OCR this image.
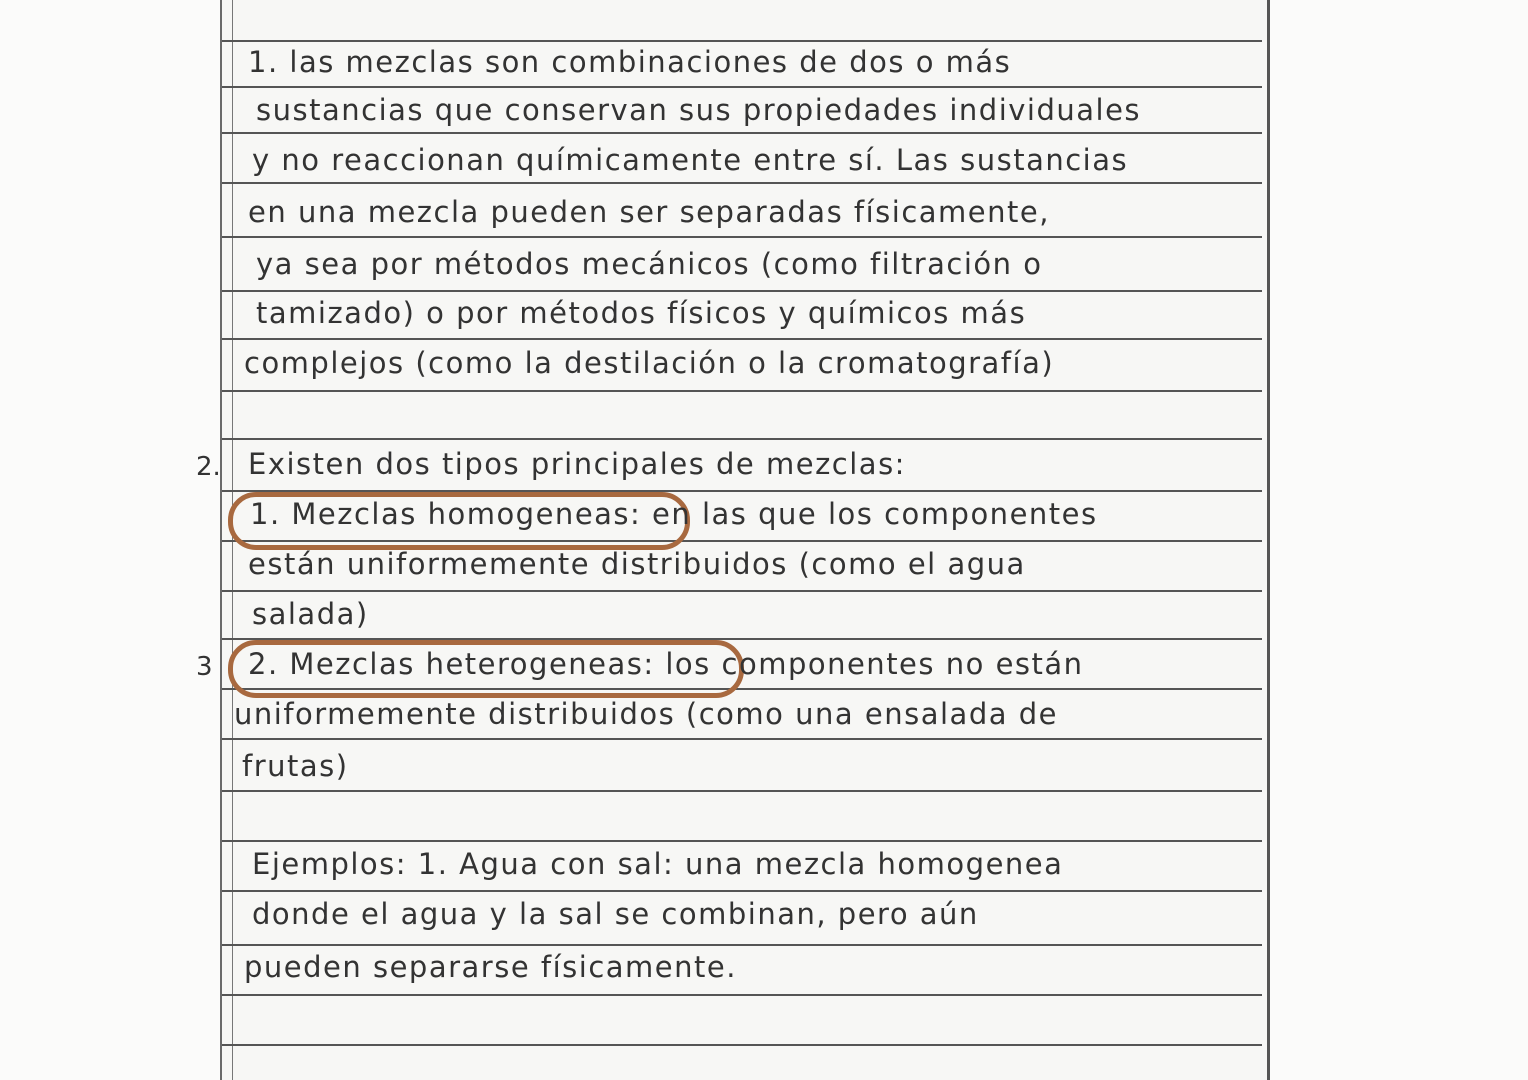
1. las mezclas son combinaciones de dos o más
sustancias que conservan sus propiedades individuales
y no reaccionan químicamente entre sí. Las sustancias
en una mezcla pueden ser separadas físicamente,
ya sea por métodos mecánicos (como filtración o
tamizado) o por métodos físicos y químicos más
complejos (como la destilación o la cromatografía)
2.
3
Existen dos tipos principales de mezclas:
1. Mezclas homogeneas: en las que los componentes
están uniformemente distribuidos (como el agua
salada)
2. Mezclas heterogeneas: los componentes no están
uniformemente distribuidos (como una ensalada de
frutas)
Ejemplos: 1. Agua con sal: una mezcla homogenea
donde el agua y la sal se combinan, pero aún
pueden separarse físicamente.
